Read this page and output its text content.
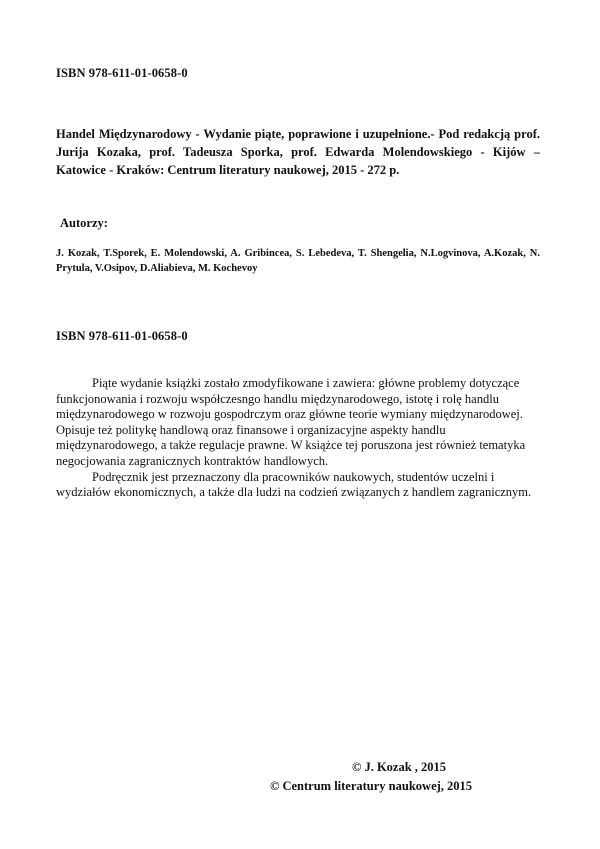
ISBN 978-611-01-0658-0
Handel Międzynarodowy - Wydanie piąte, poprawione i uzupełnione.- Pod redakcją prof. Jurija Kozaka, prof. Tadeusza Sporka, prof. Edwarda Molendowskiego - Kijów – Katowice - Kraków: Centrum literatury naukowej, 2015 - 272 p.
Autorzy:
J. Kozak, T.Sporek, E. Molendowski, A. Gribincea, S. Lebedeva, T. Shengelia, N.Logvinova, A.Kozak, N. Prytula, V.Osipov, D.Aliabieva, M. Kochevoy
ISBN 978-611-01-0658-0

Piąte wydanie książki zostało zmodyfikowane i zawiera: główne problemy dotyczące funkcjonowania i rozwoju współczesngo handlu międzynarodowego, istotę i rolę handlu międzynarodowego w rozwoju gospodrczym oraz główne teorie wymiany międzynarodowej. Opisuje też politykę handlową oraz finansowe i organizacyjne aspekty handlu międzynarodowego, a także regulacje prawne. W książce tej poruszona jest również tematyka negocjowania zagranicznych kontraktów handlowych.

Podręcznik jest przeznaczony dla pracowników naukowych, studentów uczelni i wydziałów ekonomicznych, a także dla ludzi na codzień związanych z handlem zagranicznym.

© J. Kozak , 2015
© Centrum literatury naukowej, 2015
